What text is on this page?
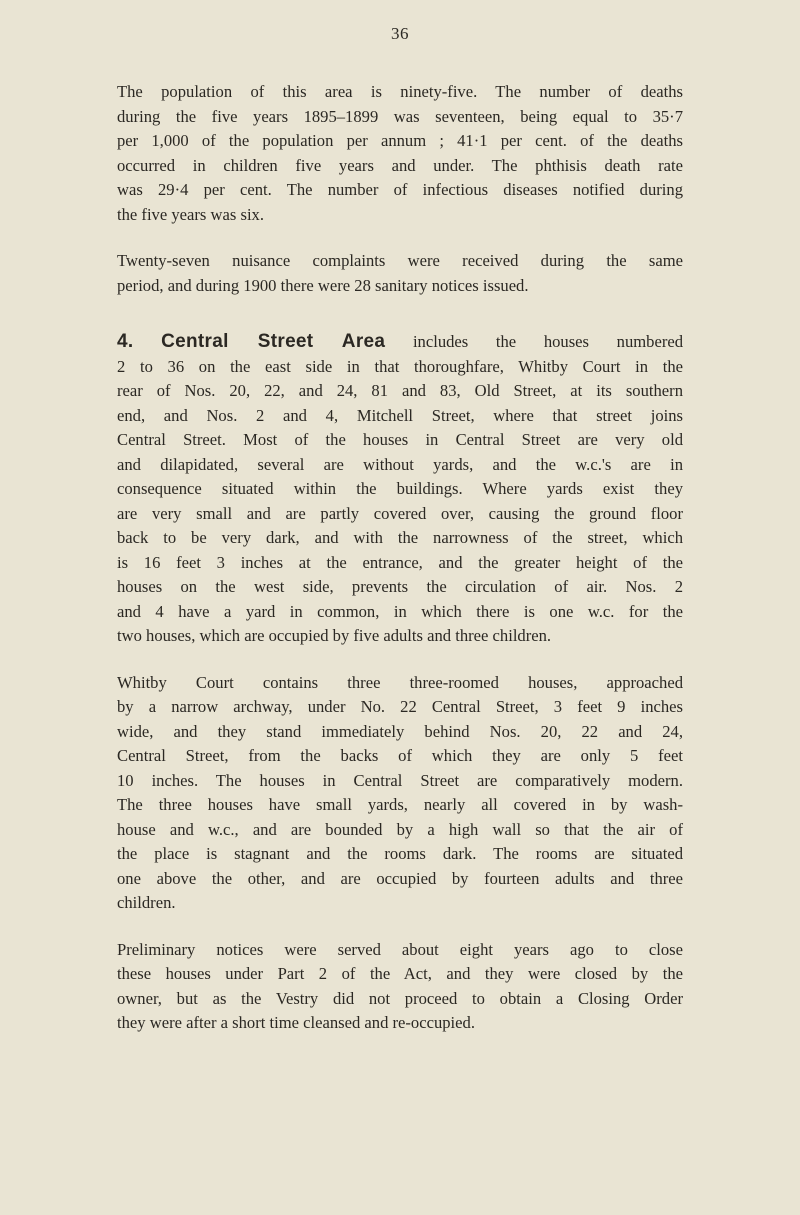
36
The population of this area is ninety-five. The number of deaths
during the five years 1895–1899 was seventeen, being equal to 35·7
per 1,000 of the population per annum ; 41·1 per cent. of the deaths
occurred in children five years and under. The phthisis death rate
was 29·4 per cent. The number of infectious diseases notified during
the five years was six.
Twenty-seven nuisance complaints were received during the same
period, and during 1900 there were 28 sanitary notices issued.
4. Central Street Area includes the houses numbered
2 to 36 on the east side in that thoroughfare, Whitby Court in the
rear of Nos. 20, 22, and 24, 81 and 83, Old Street, at its southern
end, and Nos. 2 and 4, Mitchell Street, where that street joins
Central Street. Most of the houses in Central Street are very old
and dilapidated, several are without yards, and the w.c.'s are in
consequence situated within the buildings. Where yards exist they
are very small and are partly covered over, causing the ground floor
back to be very dark, and with the narrowness of the street, which
is 16 feet 3 inches at the entrance, and the greater height of the
houses on the west side, prevents the circulation of air. Nos. 2
and 4 have a yard in common, in which there is one w.c. for the
two houses, which are occupied by five adults and three children.
Whitby Court contains three three-roomed houses, approached
by a narrow archway, under No. 22 Central Street, 3 feet 9 inches
wide, and they stand immediately behind Nos. 20, 22 and 24,
Central Street, from the backs of which they are only 5 feet
10 inches. The houses in Central Street are comparatively modern.
The three houses have small yards, nearly all covered in by wash-
house and w.c., and are bounded by a high wall so that the air of
the place is stagnant and the rooms dark. The rooms are situated
one above the other, and are occupied by fourteen adults and three
children.
Preliminary notices were served about eight years ago to close
these houses under Part 2 of the Act, and they were closed by the
owner, but as the Vestry did not proceed to obtain a Closing Order
they were after a short time cleansed and re-occupied.
